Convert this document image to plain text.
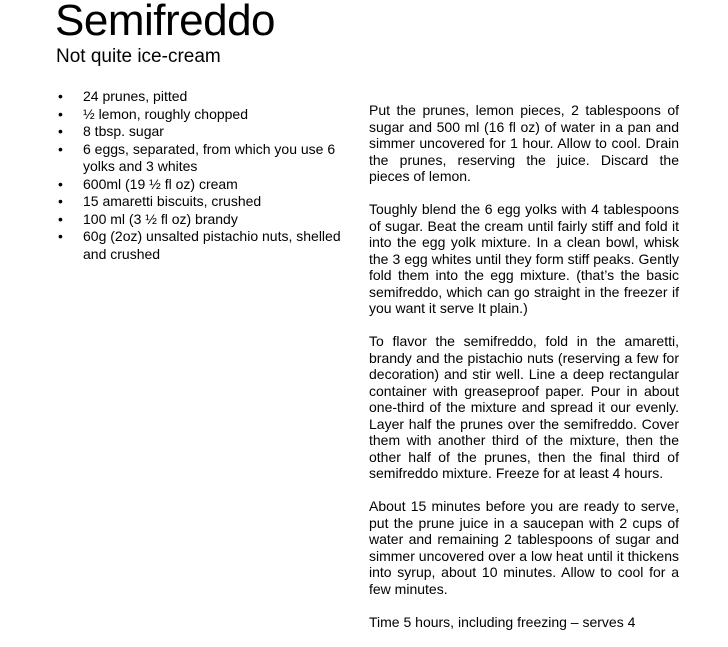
Semifreddo
Not quite ice-cream
• 24 prunes, pitted
• ½ lemon, roughly chopped
• 8 tbsp. sugar
• 6 eggs, separated, from which you use 6 yolks and 3 whites
• 600ml (19 ½ fl oz) cream
• 15 amaretti biscuits, crushed
• 100 ml (3 ½ fl oz) brandy
• 60g (2oz) unsalted pistachio nuts, shelled and crushed

Put the prunes, lemon pieces, 2 tablespoons of sugar and 500 ml (16 fl oz) of water in a pan and simmer uncovered for 1 hour. Allow to cool. Drain the prunes, reserving the juice. Discard the pieces of lemon.

Toughly blend the 6 egg yolks with 4 tablespoons of sugar. Beat the cream until fairly stiff and fold it into the egg yolk mixture. In a clean bowl, whisk the 3 egg whites until they form stiff peaks. Gently fold them into the egg mixture. (that’s the basic semifreddo, which can go straight in the freezer if you want it serve It plain.)

To flavor the semifreddo, fold in the amaretti, brandy and the pistachio nuts (reserving a few for decoration) and stir well. Line a deep rectangular container with greaseproof paper. Pour in about one-third of the mixture and spread it our evenly. Layer half the prunes over the semifreddo. Cover them with another third of the mixture, then the other half of the prunes, then the final third of semifreddo mixture. Freeze for at least 4 hours.

About 15 minutes before you are ready to serve, put the prune juice in a saucepan with 2 cups of water and remaining 2 tablespoons of sugar and simmer uncovered over a low heat until it thickens into syrup, about 10 minutes. Allow to cool for a few minutes.

Time 5 hours, including freezing – serves 4
